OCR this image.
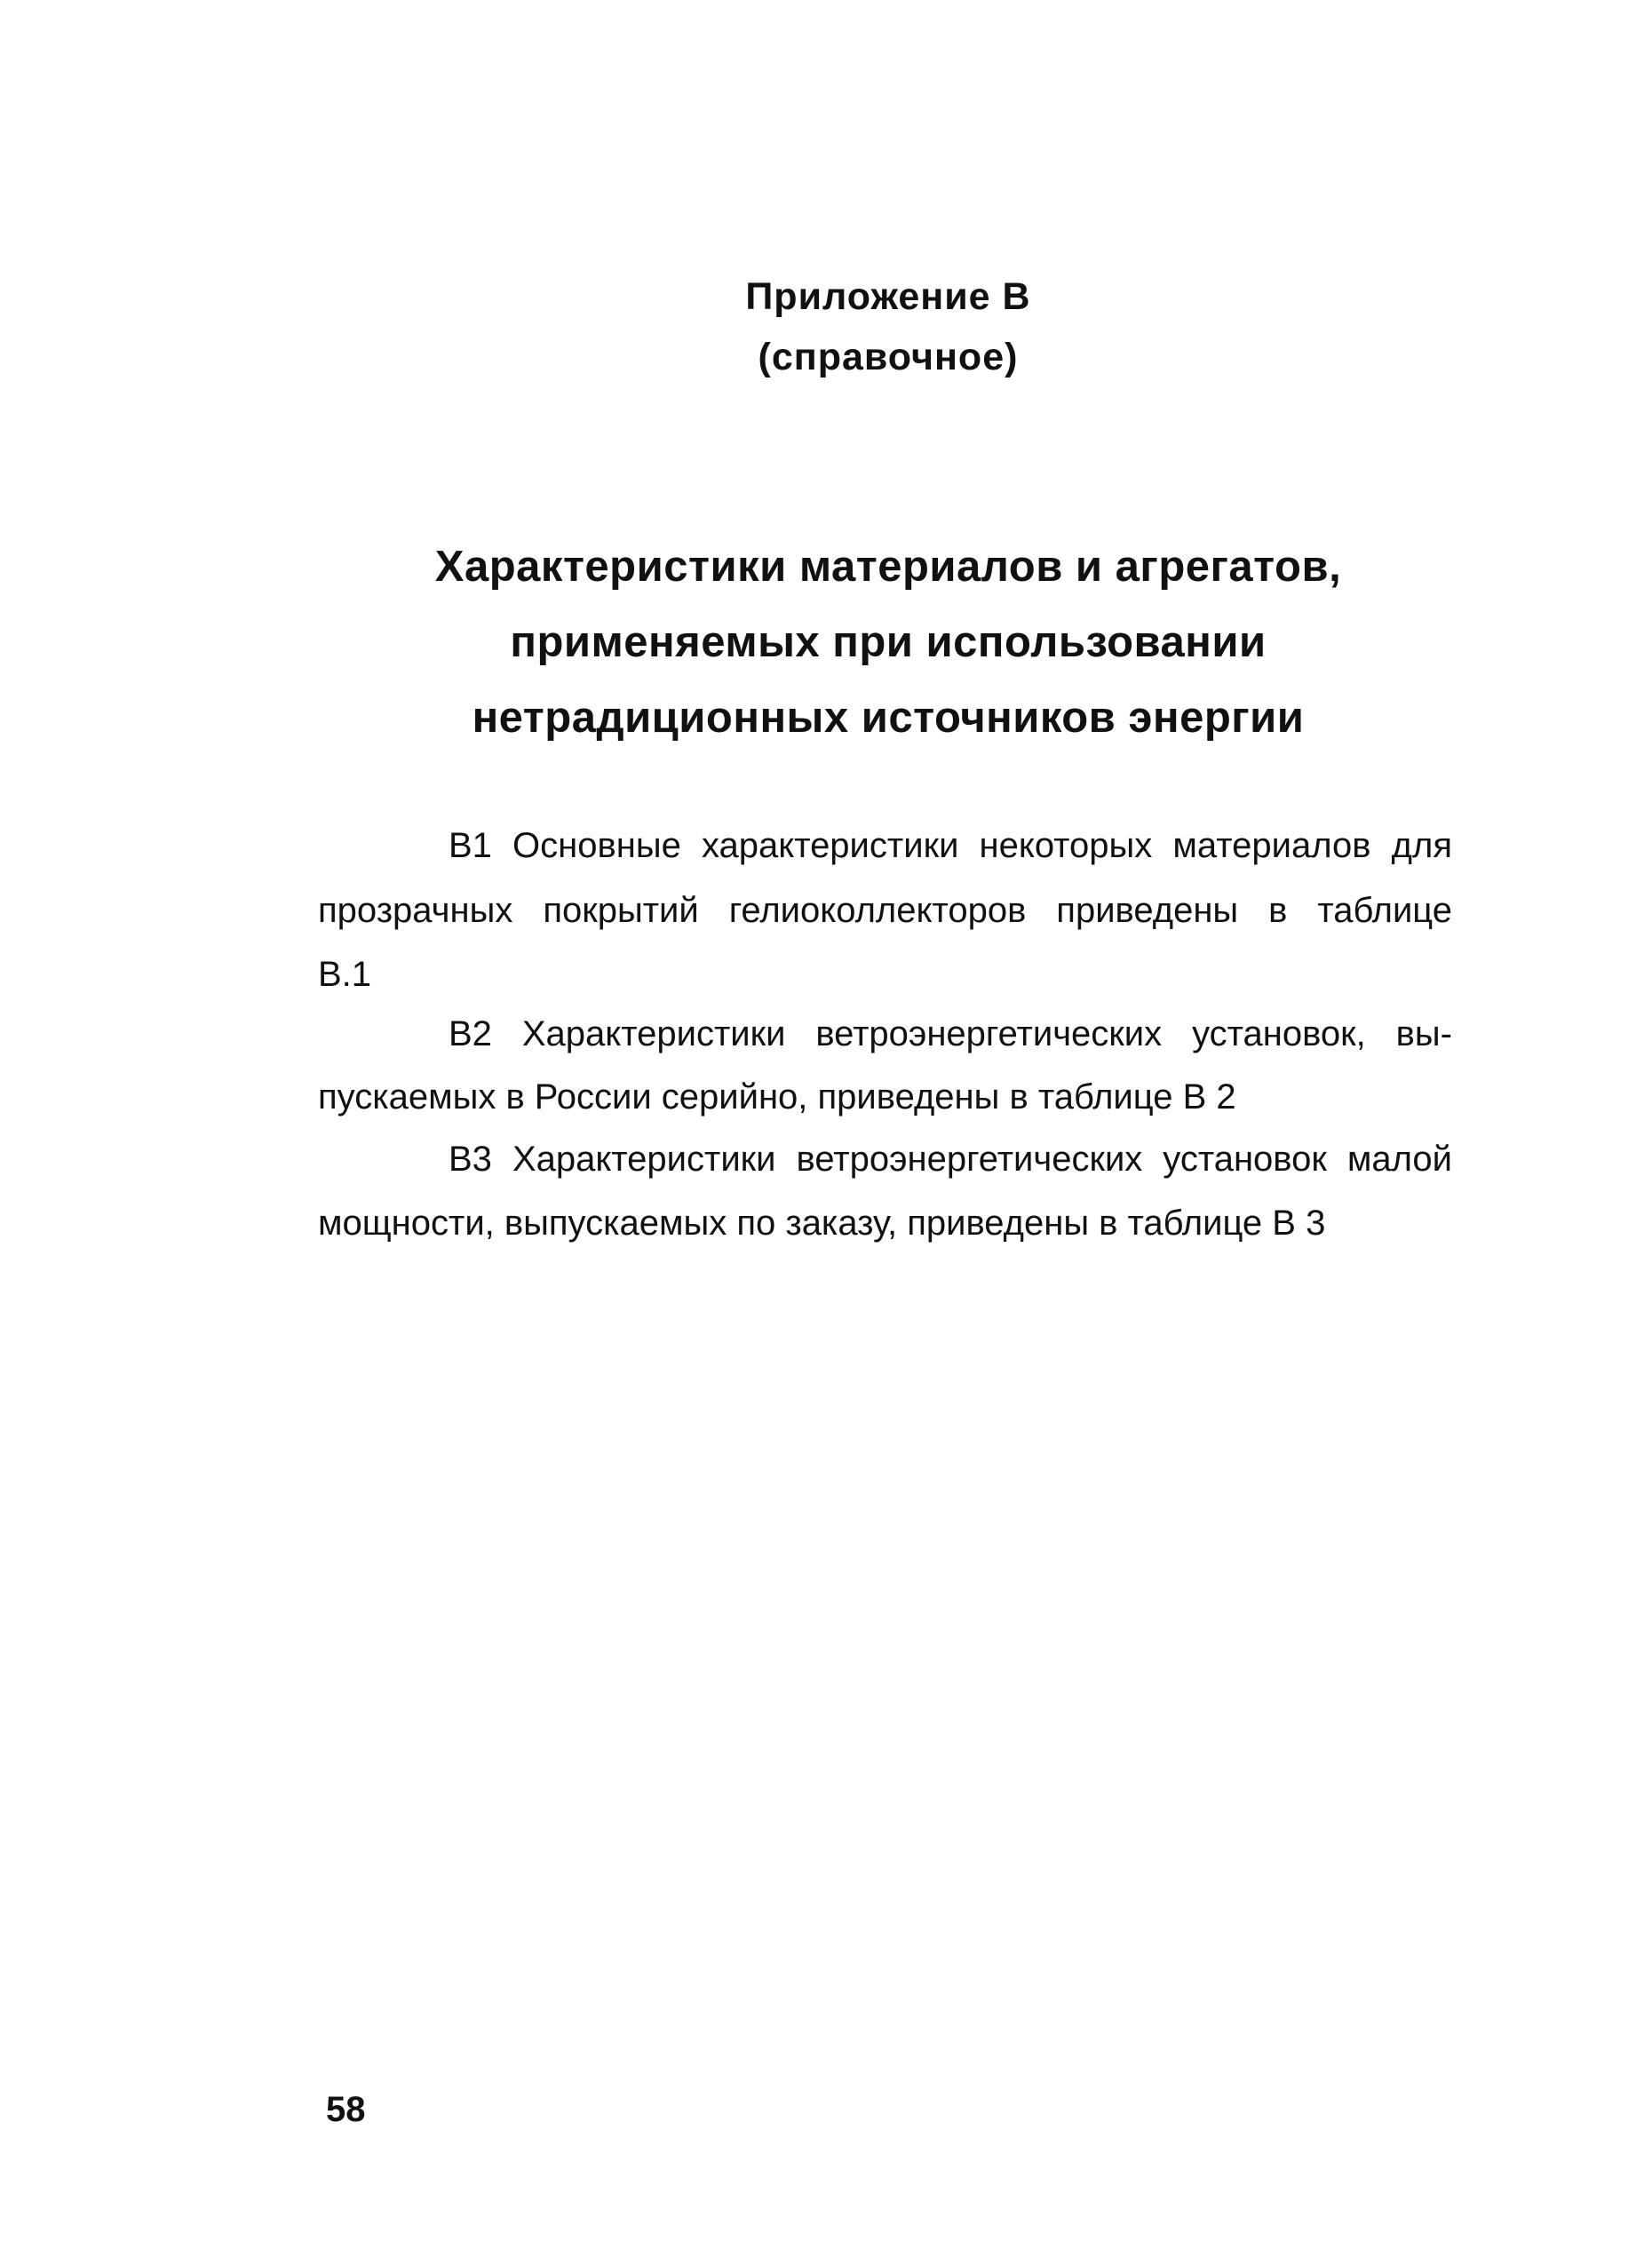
Приложение В
(справочное)
Характеристики материалов и агрегатов,
применяемых при использовании
нетрадиционных источников энергии
В1 Основные характеристики некоторых материалов для
прозрачных покрытий гелиоколлекторов приведены в таблице
В.1
В2 Характеристики ветроэнергетических установок, вы-
пускаемых в России серийно, приведены в таблице В 2
В3 Характеристики ветроэнергетических установок малой
мощности, выпускаемых по заказу, приведены в таблице В 3
58
